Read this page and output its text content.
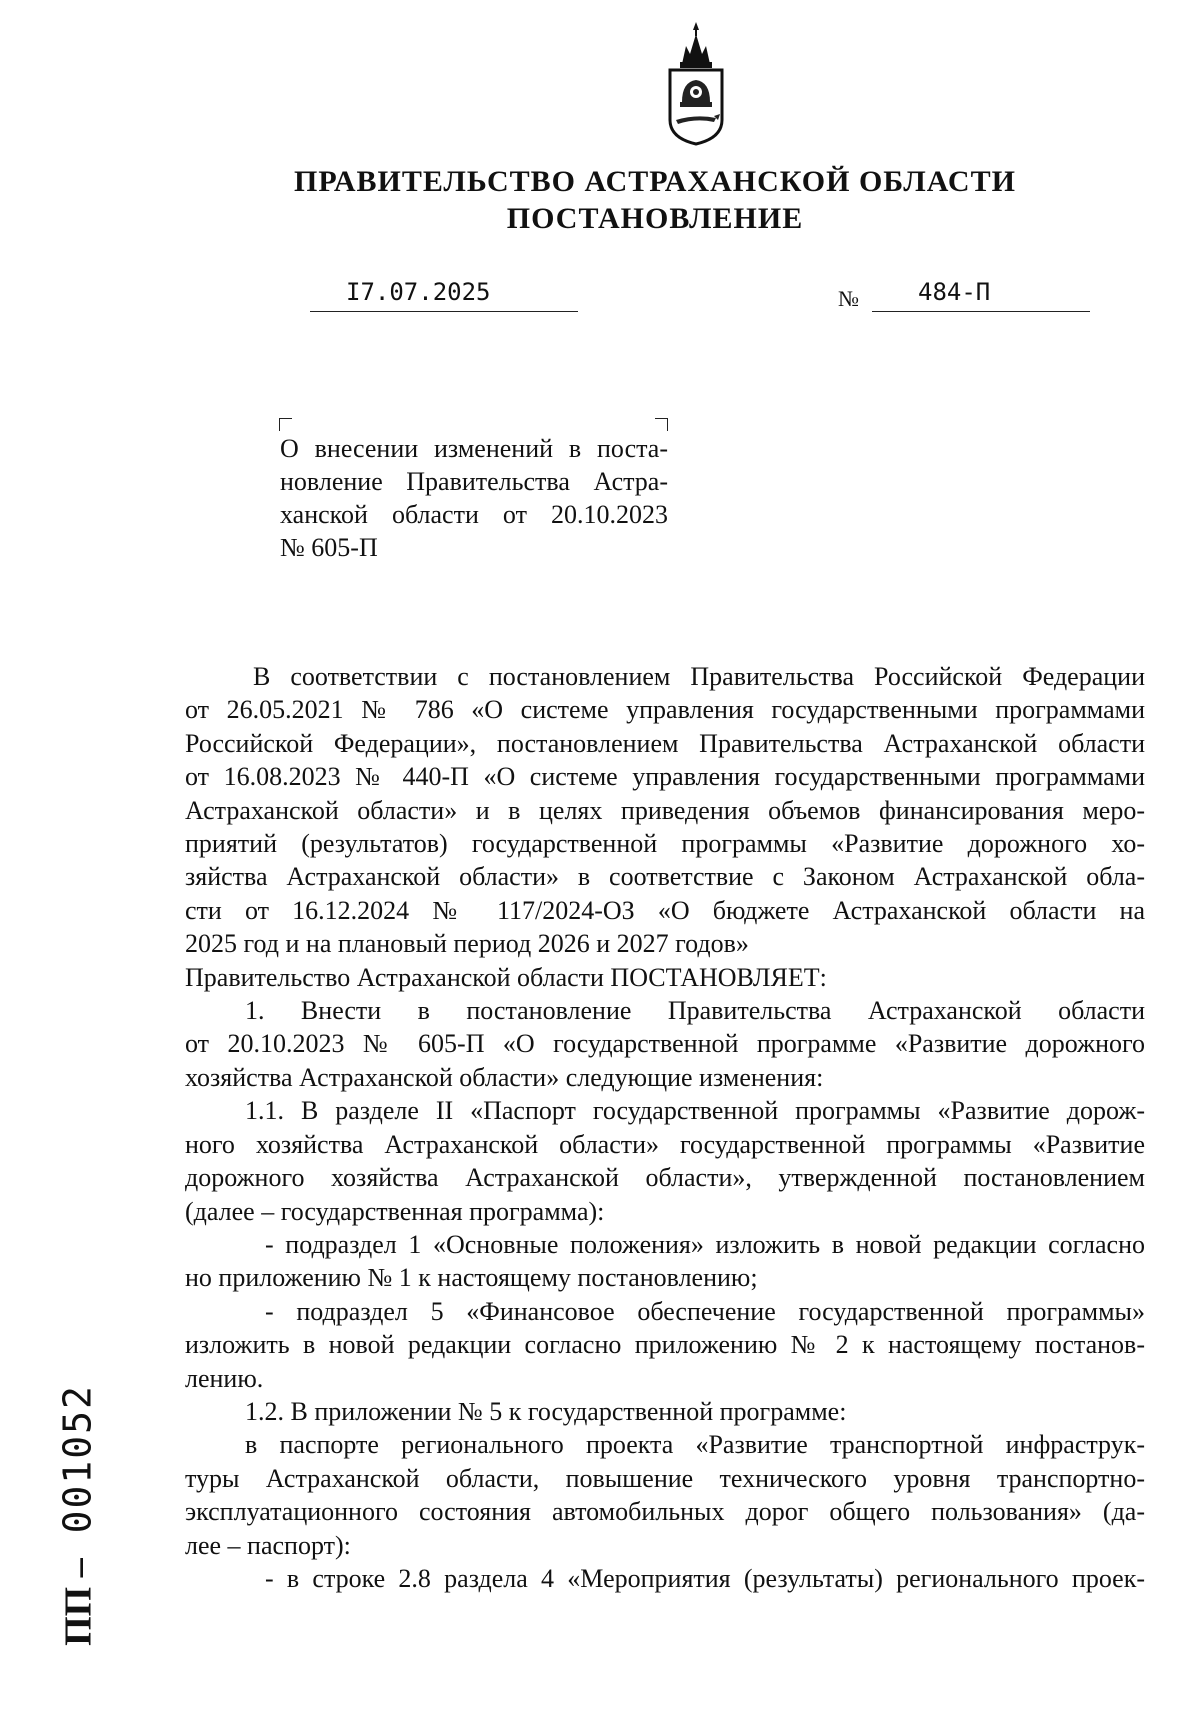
ПРАВИТЕЛЬСТВО АСТРАХАНСКОЙ ОБЛАСТИ
ПОСТАНОВЛЕНИЕ
I7.07.2025	№	484-П
О внесении изменений в поста-
новление Правительства Астра-
ханской области от 20.10.2023
№ 605-П
В соответствии с постановлением Правительства Российской Федерации
от 26.05.2021 № 786 «О системе управления государственными программами
Российской Федерации», постановлением Правительства Астраханской области
от 16.08.2023 № 440-П «О системе управления государственными программами
Астраханской области» и в целях приведения объемов финансирования меро-
приятий (результатов) государственной программы «Развитие дорожного хо-
зяйства Астраханской области» в соответствие с Законом Астраханской обла-
сти от 16.12.2024 № 117/2024-ОЗ «О бюджете Астраханской области на
2025 год и на плановый период 2026 и 2027 годов»
Правительство Астраханской области ПОСТАНОВЛЯЕТ:
1. Внести в постановление Правительства Астраханской области
от 20.10.2023 № 605-П «О государственной программе «Развитие дорожного
хозяйства Астраханской области» следующие изменения:
1.1. В разделе II «Паспорт государственной программы «Развитие дорож-
ного хозяйства Астраханской области» государственной программы «Развитие
дорожного хозяйства Астраханской области», утвержденной постановлением
(далее – государственная программа):
- подраздел 1 «Основные положения» изложить в новой редакции согласно
но приложению № 1 к настоящему постановлению;
- подраздел 5 «Финансовое обеспечение государственной программы»
изложить в новой редакции согласно приложению № 2 к настоящему постанов-
лению.
1.2. В приложении № 5 к государственной программе:
в паспорте регионального проекта «Развитие транспортной инфраструк-
туры Астраханской области, повышение технического уровня транспортно-
эксплуатационного состояния автомобильных дорог общего пользования» (да-
лее – паспорт):
- в строке 2.8 раздела 4 «Мероприятия (результаты) регионального проек-
ПП – 001052
